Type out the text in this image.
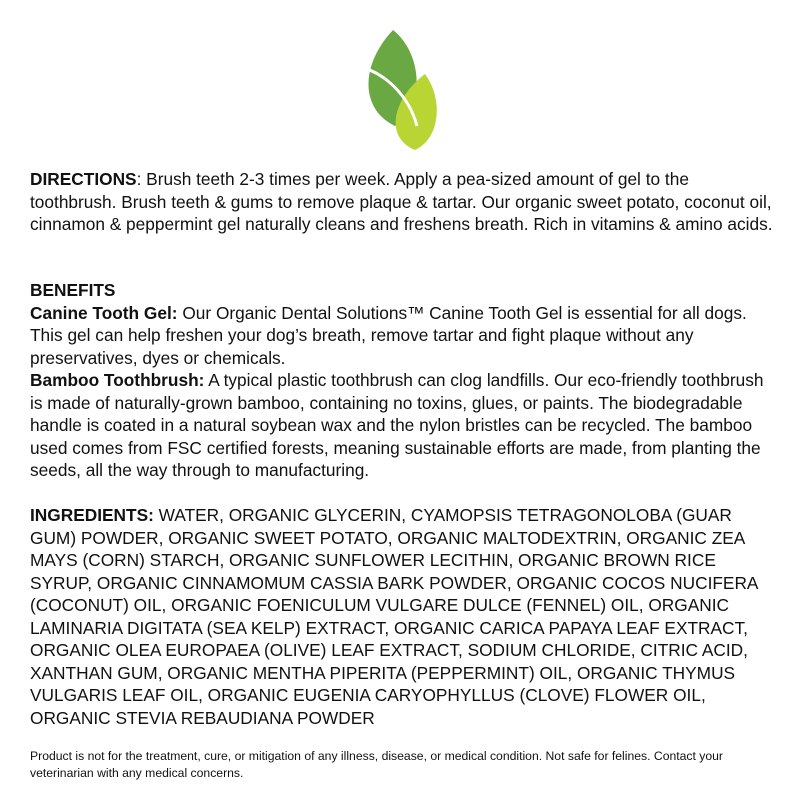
DIRECTIONS: Brush teeth 2-3 times per week. Apply a pea-sized amount of gel to the toothbrush. Brush teeth & gums to remove plaque & tartar. Our organic sweet potato, coconut oil, cinnamon & peppermint gel naturally cleans and freshens breath. Rich in vitamins & amino acids.

BENEFITS

Canine Tooth Gel: Our Organic Dental Solutions™ Canine Tooth Gel is essential for all dogs. This gel can help freshen your dog’s breath, remove tartar and fight plaque without any preservatives, dyes or chemicals.

Bamboo Toothbrush: A typical plastic toothbrush can clog landfills. Our eco-friendly toothbrush is made of naturally-grown bamboo, containing no toxins, glues, or paints. The biodegradable handle is coated in a natural soybean wax and the nylon bristles can be recycled. The bamboo used comes from FSC certified forests, meaning sustainable efforts are made, from planting the seeds, all the way through to manufacturing.

INGREDIENTS: WATER, ORGANIC GLYCERIN, CYAMOPSIS TETRAGONOLOBA (GUAR GUM) POWDER, ORGANIC SWEET POTATO, ORGANIC MALTODEXTRIN, ORGANIC ZEA MAYS (CORN) STARCH, ORGANIC SUNFLOWER LECITHIN, ORGANIC BROWN RICE SYRUP, ORGANIC CINNAMOMUM CASSIA BARK POWDER, ORGANIC COCOS NUCIFERA (COCONUT) OIL, ORGANIC FOENICULUM VULGARE DULCE (FENNEL) OIL, ORGANIC LAMINARIA DIGITATA (SEA KELP) EXTRACT, ORGANIC CARICA PAPAYA LEAF EXTRACT, ORGANIC OLEA EUROPAEA (OLIVE) LEAF EXTRACT, SODIUM CHLORIDE, CITRIC ACID, XANTHAN GUM, ORGANIC MENTHA PIPERITA (PEPPERMINT) OIL, ORGANIC THYMUS VULGARIS LEAF OIL, ORGANIC EUGENIA CARYOPHYLLUS (CLOVE) FLOWER OIL, ORGANIC STEVIA REBAUDIANA POWDER

Product is not for the treatment, cure, or mitigation of any illness, disease, or medical condition. Not safe for felines. Contact your veterinarian with any medical concerns.
